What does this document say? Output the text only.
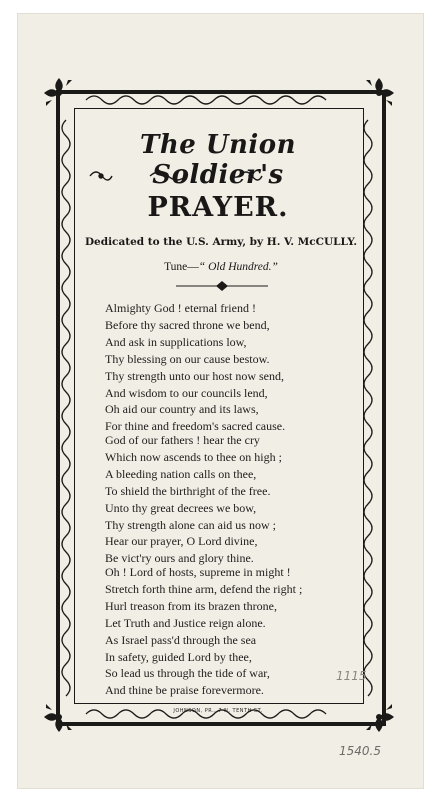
The Union Soldier's
PRAYER.
Dedicated to the U.S. Army, by H. V. McCULLY.
Tune—“ Old Hundred.”
Almighty God ! eternal friend !
Before thy sacred throne we bend,
And ask in supplications low,
Thy blessing on our cause bestow.
Thy strength unto our host now send,
And wisdom to our councils lend,
Oh aid our country and its laws,
For thine and freedom's sacred cause.
God of our fathers ! hear the cry
Which now ascends to thee on high ;
A bleeding nation calls on thee,
To shield the birthright of the free.
Unto thy great decrees we bow,
Thy strength alone can aid us now ;
Hear our prayer, O Lord divine,
Be vict'ry ours and glory thine.
Oh ! Lord of hosts, supreme in might !
Stretch forth thine arm, defend the right ;
Hurl treason from its brazen throne,
Let Truth and Justice reign alone.
As Israel pass'd through the sea
In safety, guided Lord by thee,
So lead us through the tide of war,
And thine be praise forevermore.
JOHNSON, PR., 7 N. TENTH ST.
1115
1540.5
